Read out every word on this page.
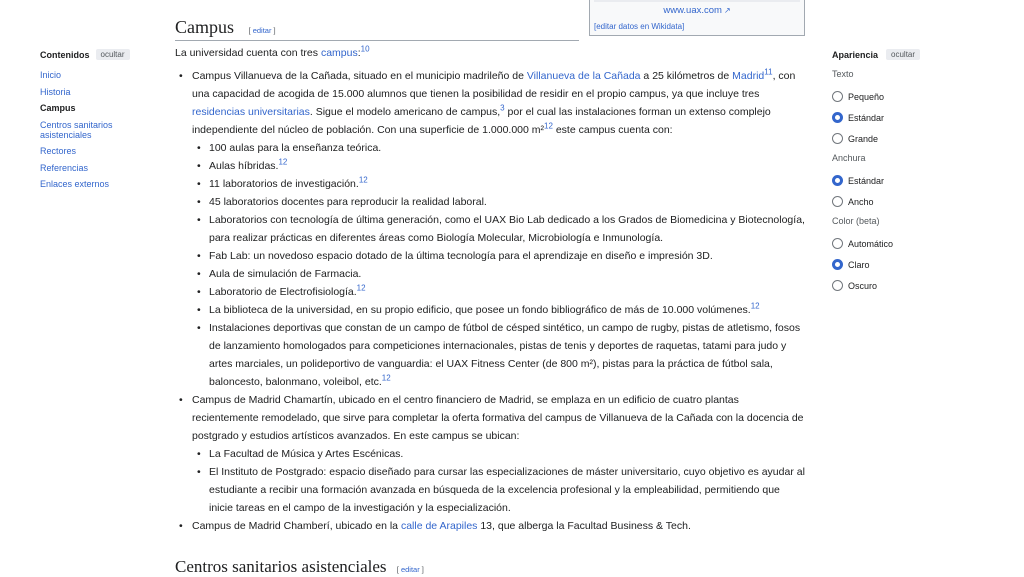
www.uax.com ↗
[editar datos en Wikidata]
Contenidos	ocultar
Inicio
Historia
Campus
Centros sanitarios asistenciales
Rectores
Referencias
Enlaces externos
Apariencia	ocultar
Texto
Pequeño
Estándar
Grande
Anchura
Estándar
Ancho
Color (beta)
Automático
Claro
Oscuro
Campus [ editar ]
La universidad cuenta con tres campus:$^{10}$
• Campus Villanueva de la Cañada, situado en el municipio madrileño de Villanueva de la Cañada a 25 kilómetros de Madrid$^{11}$, con una capacidad de acogida de 15.000 alumnos que tienen la posibilidad de residir en el propio campus, ya que incluye tres residencias universitarias. Sigue el modelo americano de campus,$^3$ por el cual las instalaciones forman un extenso complejo independiente del núcleo de población. Con una superficie de 1.000.000 m²$^{12}$ este campus cuenta con:
• 100 aulas para la enseñanza teórica.
• Aulas híbridas.$^{12}$
• 11 laboratorios de investigación.$^{12}$
• 45 laboratorios docentes para reproducir la realidad laboral.
• Laboratorios con tecnología de última generación, como el UAX Bio Lab dedicado a los Grados de Biomedicina y Biotecnología, para realizar prácticas en diferentes áreas como Biología Molecular, Microbiología e Inmunología.
• Fab Lab: un novedoso espacio dotado de la última tecnología para el aprendizaje en diseño e impresión 3D.
• Aula de simulación de Farmacia.
• Laboratorio de Electrofisiología.$^{12}$
• La biblioteca de la universidad, en su propio edificio, que posee un fondo bibliográfico de más de 10.000 volúmenes.$^{12}$
• Instalaciones deportivas que constan de un campo de fútbol de césped sintético, un campo de rugby, pistas de atletismo, fosos de lanzamiento homologados para competiciones internacionales, pistas de tenis y deportes de raquetas, tatami para judo y artes marciales, un polideportivo de vanguardia: el UAX Fitness Center (de 800 m²), pistas para la práctica de fútbol sala, baloncesto, balonmano, voleibol, etc.$^{12}$
• Campus de Madrid Chamartín, ubicado en el centro financiero de Madrid, se emplaza en un edificio de cuatro plantas recientemente remodelado, que sirve para completar la oferta formativa del campus de Villanueva de la Cañada con la docencia de postgrado y estudios artísticos avanzados. En este campus se ubican:
• La Facultad de Música y Artes Escénicas.
• El Instituto de Postgrado: espacio diseñado para cursar las especializaciones de máster universitario, cuyo objetivo es ayudar al estudiante a recibir una formación avanzada en búsqueda de la excelencia profesional y la empleabilidad, permitiendo que inicie tareas en el campo de la investigación y la especialización.
• Campus de Madrid Chamberí, ubicado en la calle de Arapiles 13, que alberga la Facultad Business & Tech.
Centros sanitarios asistenciales [ editar ]
